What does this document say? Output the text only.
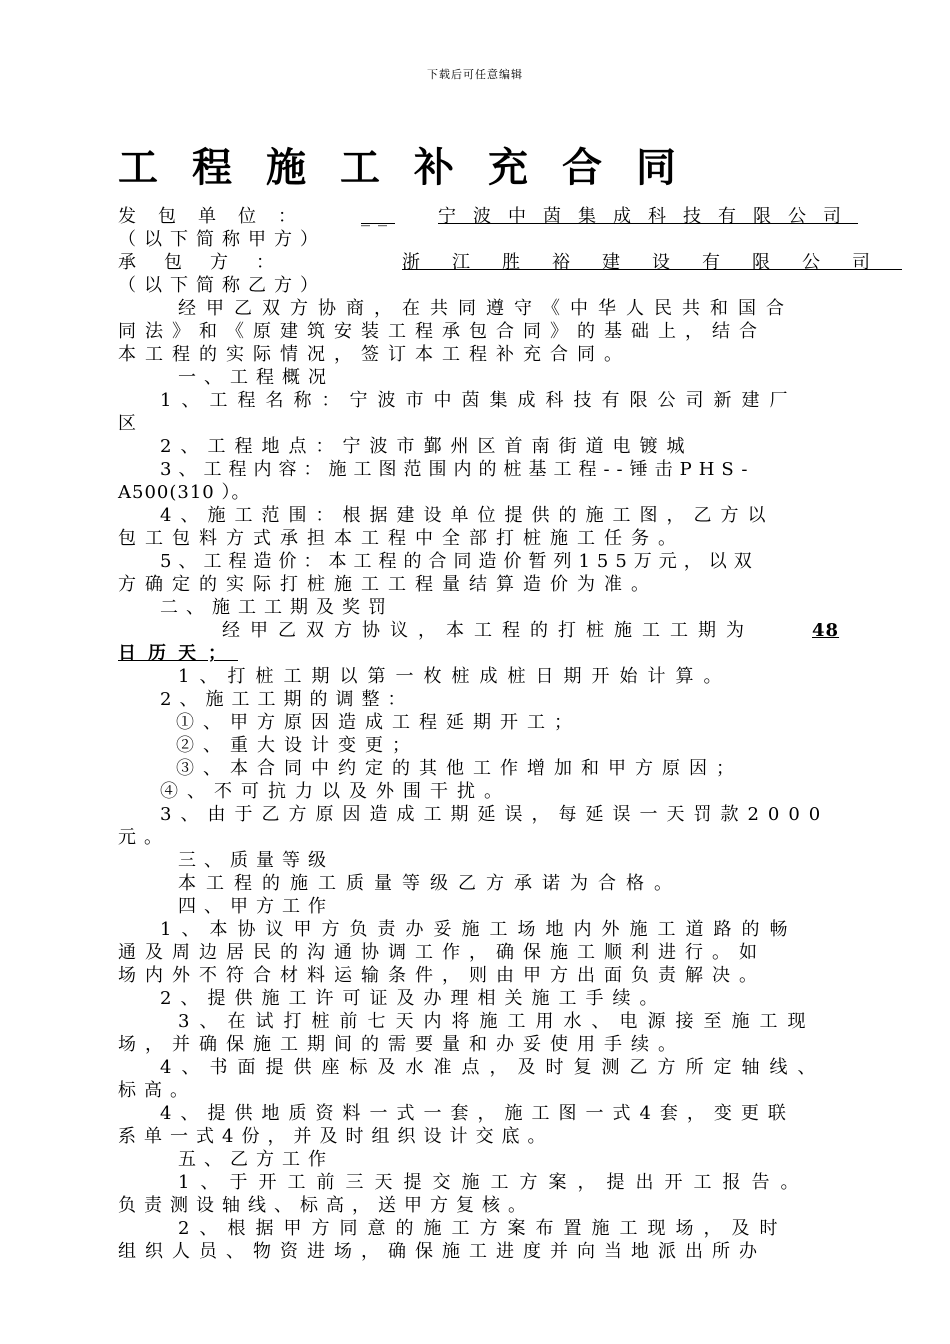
下载后可任意编辑
工程施工补充合同
发包单位： __ 宁波中茵集成科技有限公司
（以下简称甲方）
承包方：	浙江胜裕建设有限公司
（以下简称乙方）
经甲乙双方协商，在共同遵守《中华人民共和国合
同法》和《原建筑安装工程承包合同》的基础上，结合
本工程的实际情况，签订本工程补充合同。
一、工程概况
1、工程名称：宁波市中茵集成科技有限公司新建厂
区
2、工程地点：宁波市鄞州区首南街道电镀城
3、工程内容：施工图范围内的桩基工程--锤击PHS-
A500(310 ）。
4、施工范围：根据建设单位提供的施工图，乙方以
包工包料方式承担本工程中全部打桩施工任务。
5、工程造价：本工程的合同造价暂列155万元，以双
方确定的实际打桩施工工程量结算造价为准。
二、施工工期及奖罚
经甲乙双方协议，本工程的打桩施工工期为	48
日历天；
1、打桩工期以第一枚桩成桩日期开始计算。
2、施工工期的调整：
①、甲方原因造成工程延期开工；
②、重大设计变更；
③、本合同中约定的其他工作增加和甲方原因；
④、不可抗力以及外围干扰。
3、由于乙方原因造成工期延误，每延误一天罚款2000
元。
三、质量等级
本工程的施工质量等级乙方承诺为合格。
四、甲方工作
1、本协议甲方负责办妥施工场地内外施工道路的畅
通及周边居民的沟通协调工作，确保施工顺利进行。如
场内外不符合材料运输条件，则由甲方出面负责解决。
2、提供施工许可证及办理相关施工手续。
3、在试打桩前七天内将施工用水、电源接至施工现
场，并确保施工期间的需要量和办妥使用手续。
4、书面提供座标及水准点，及时复测乙方所定轴线、
标高。
4、提供地质资料一式一套，施工图一式4套，变更联
系单一式4份，并及时组织设计交底。
五、乙方工作
1、于开工前三天提交施工方案，提出开工报告。
负责测设轴线、标高，送甲方复核。
2、根据甲方同意的施工方案布置施工现场，及时
组织人员、物资进场，确保施工进度并向当地派出所办
